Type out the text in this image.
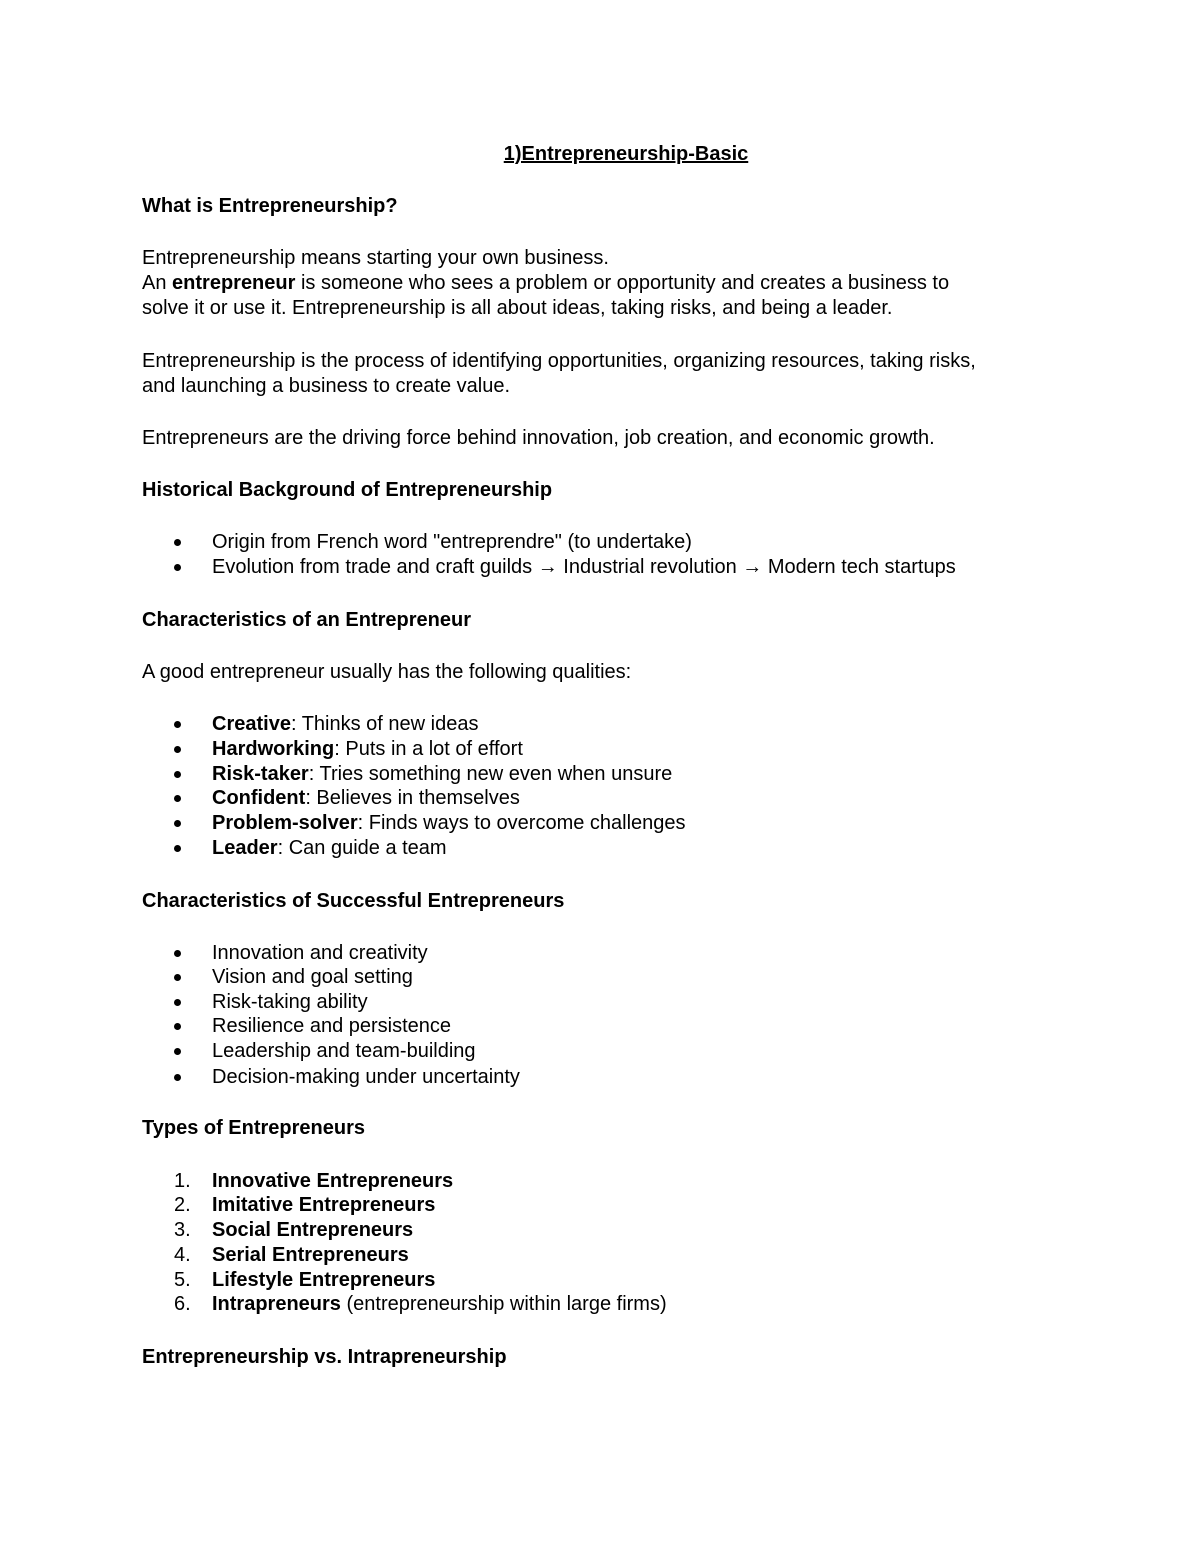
1)Entrepreneurship-Basic
What is Entrepreneurship?
Entrepreneurship means starting your own business.
An entrepreneur is someone who sees a problem or opportunity and creates a business to
solve it or use it. Entrepreneurship is all about ideas, taking risks, and being a leader.
Entrepreneurship is the process of identifying opportunities, organizing resources, taking risks,
and launching a business to create value.
Entrepreneurs are the driving force behind innovation, job creation, and economic growth.
Historical Background of Entrepreneurship
Origin from French word "entreprendre" (to undertake)
Evolution from trade and craft guilds → Industrial revolution → Modern tech startups
Characteristics of an Entrepreneur
A good entrepreneur usually has the following qualities:
Creative: Thinks of new ideas
Hardworking: Puts in a lot of effort
Risk-taker: Tries something new even when unsure
Confident: Believes in themselves
Problem-solver: Finds ways to overcome challenges
Leader: Can guide a team
Characteristics of Successful Entrepreneurs
Innovation and creativity
Vision and goal setting
Risk-taking ability
Resilience and persistence
Leadership and team-building
Decision-making under uncertainty
Types of Entrepreneurs
1.	Innovative Entrepreneurs
2.	Imitative Entrepreneurs
3.	Social Entrepreneurs
4.	Serial Entrepreneurs
5.	Lifestyle Entrepreneurs
6.	Intrapreneurs (entrepreneurship within large firms)
Entrepreneurship vs. Intrapreneurship
